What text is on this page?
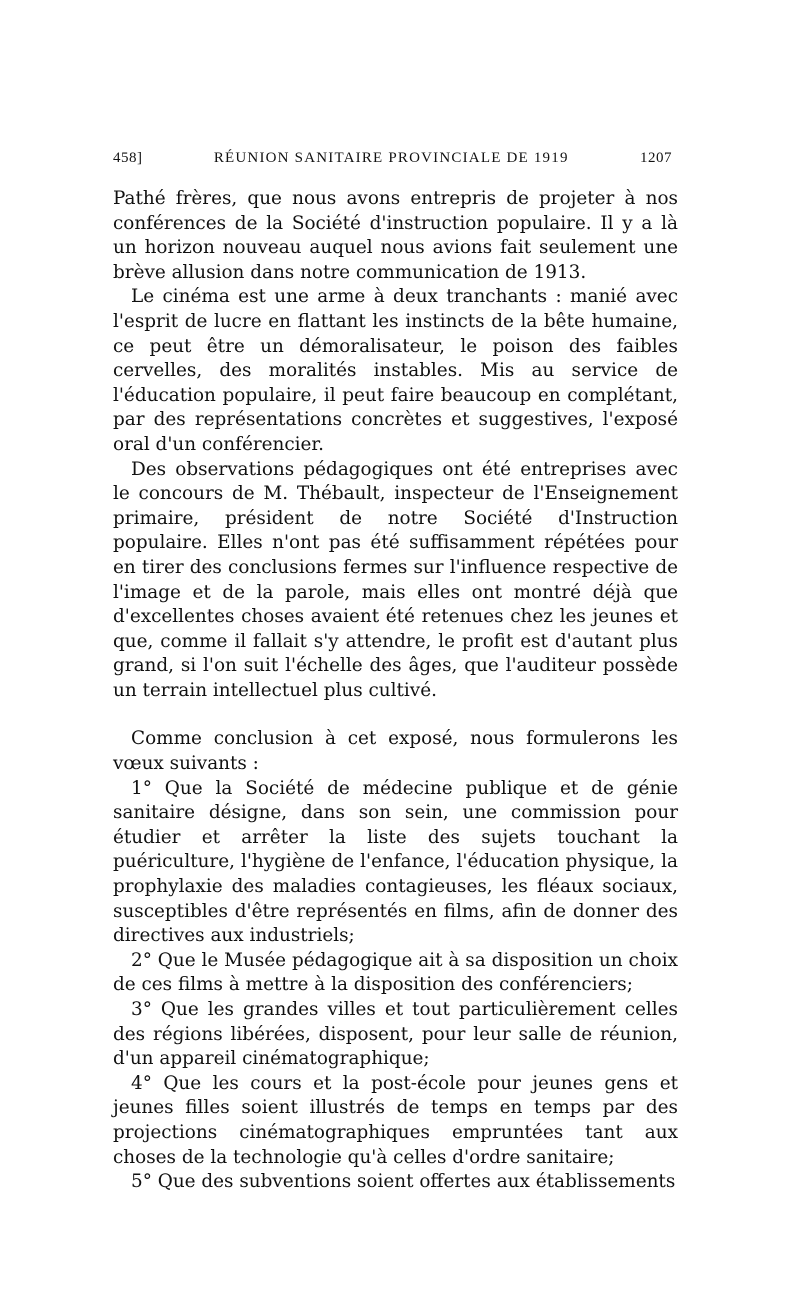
458]	RÉUNION SANITAIRE PROVINCIALE DE 1919	1207

Pathé frères, que nous avons entrepris de projeter à nos conférences de la Société d'instruction populaire. Il y a là un horizon nouveau auquel nous avions fait seulement une brève allusion dans notre communication de 1913.

Le cinéma est une arme à deux tranchants : manié avec l'esprit de lucre en flattant les instincts de la bête humaine, ce peut être un démoralisateur, le poison des faibles cervelles, des moralités instables. Mis au service de l'éducation populaire, il peut faire beaucoup en complétant, par des représentations concrètes et suggestives, l'exposé oral d'un conférencier.

Des observations pédagogiques ont été entreprises avec le concours de M. Thébault, inspecteur de l'Enseignement primaire, président de notre Société d'Instruction populaire. Elles n'ont pas été suffisamment répétées pour en tirer des conclusions fermes sur l'influence respective de l'image et de la parole, mais elles ont montré déjà que d'excellentes choses avaient été retenues chez les jeunes et que, comme il fallait s'y attendre, le profit est d'autant plus grand, si l'on suit l'échelle des âges, que l'auditeur possède un terrain intellectuel plus cultivé.

Comme conclusion à cet exposé, nous formulerons les vœux suivants :

1° Que la Société de médecine publique et de génie sanitaire désigne, dans son sein, une commission pour étudier et arrêter la liste des sujets touchant la puériculture, l'hygiène de l'enfance, l'éducation physique, la prophylaxie des maladies contagieuses, les fléaux sociaux, susceptibles d'être représentés en films, afin de donner des directives aux industriels;

2° Que le Musée pédagogique ait à sa disposition un choix de ces films à mettre à la disposition des conférenciers;

3° Que les grandes villes et tout particulièrement celles des régions libérées, disposent, pour leur salle de réunion, d'un appareil cinématographique;

4° Que les cours et la post-école pour jeunes gens et jeunes filles soient illustrés de temps en temps par des projections cinématographiques empruntées tant aux choses de la technologie qu'à celles d'ordre sanitaire;

5° Que des subventions soient offertes aux établissements
